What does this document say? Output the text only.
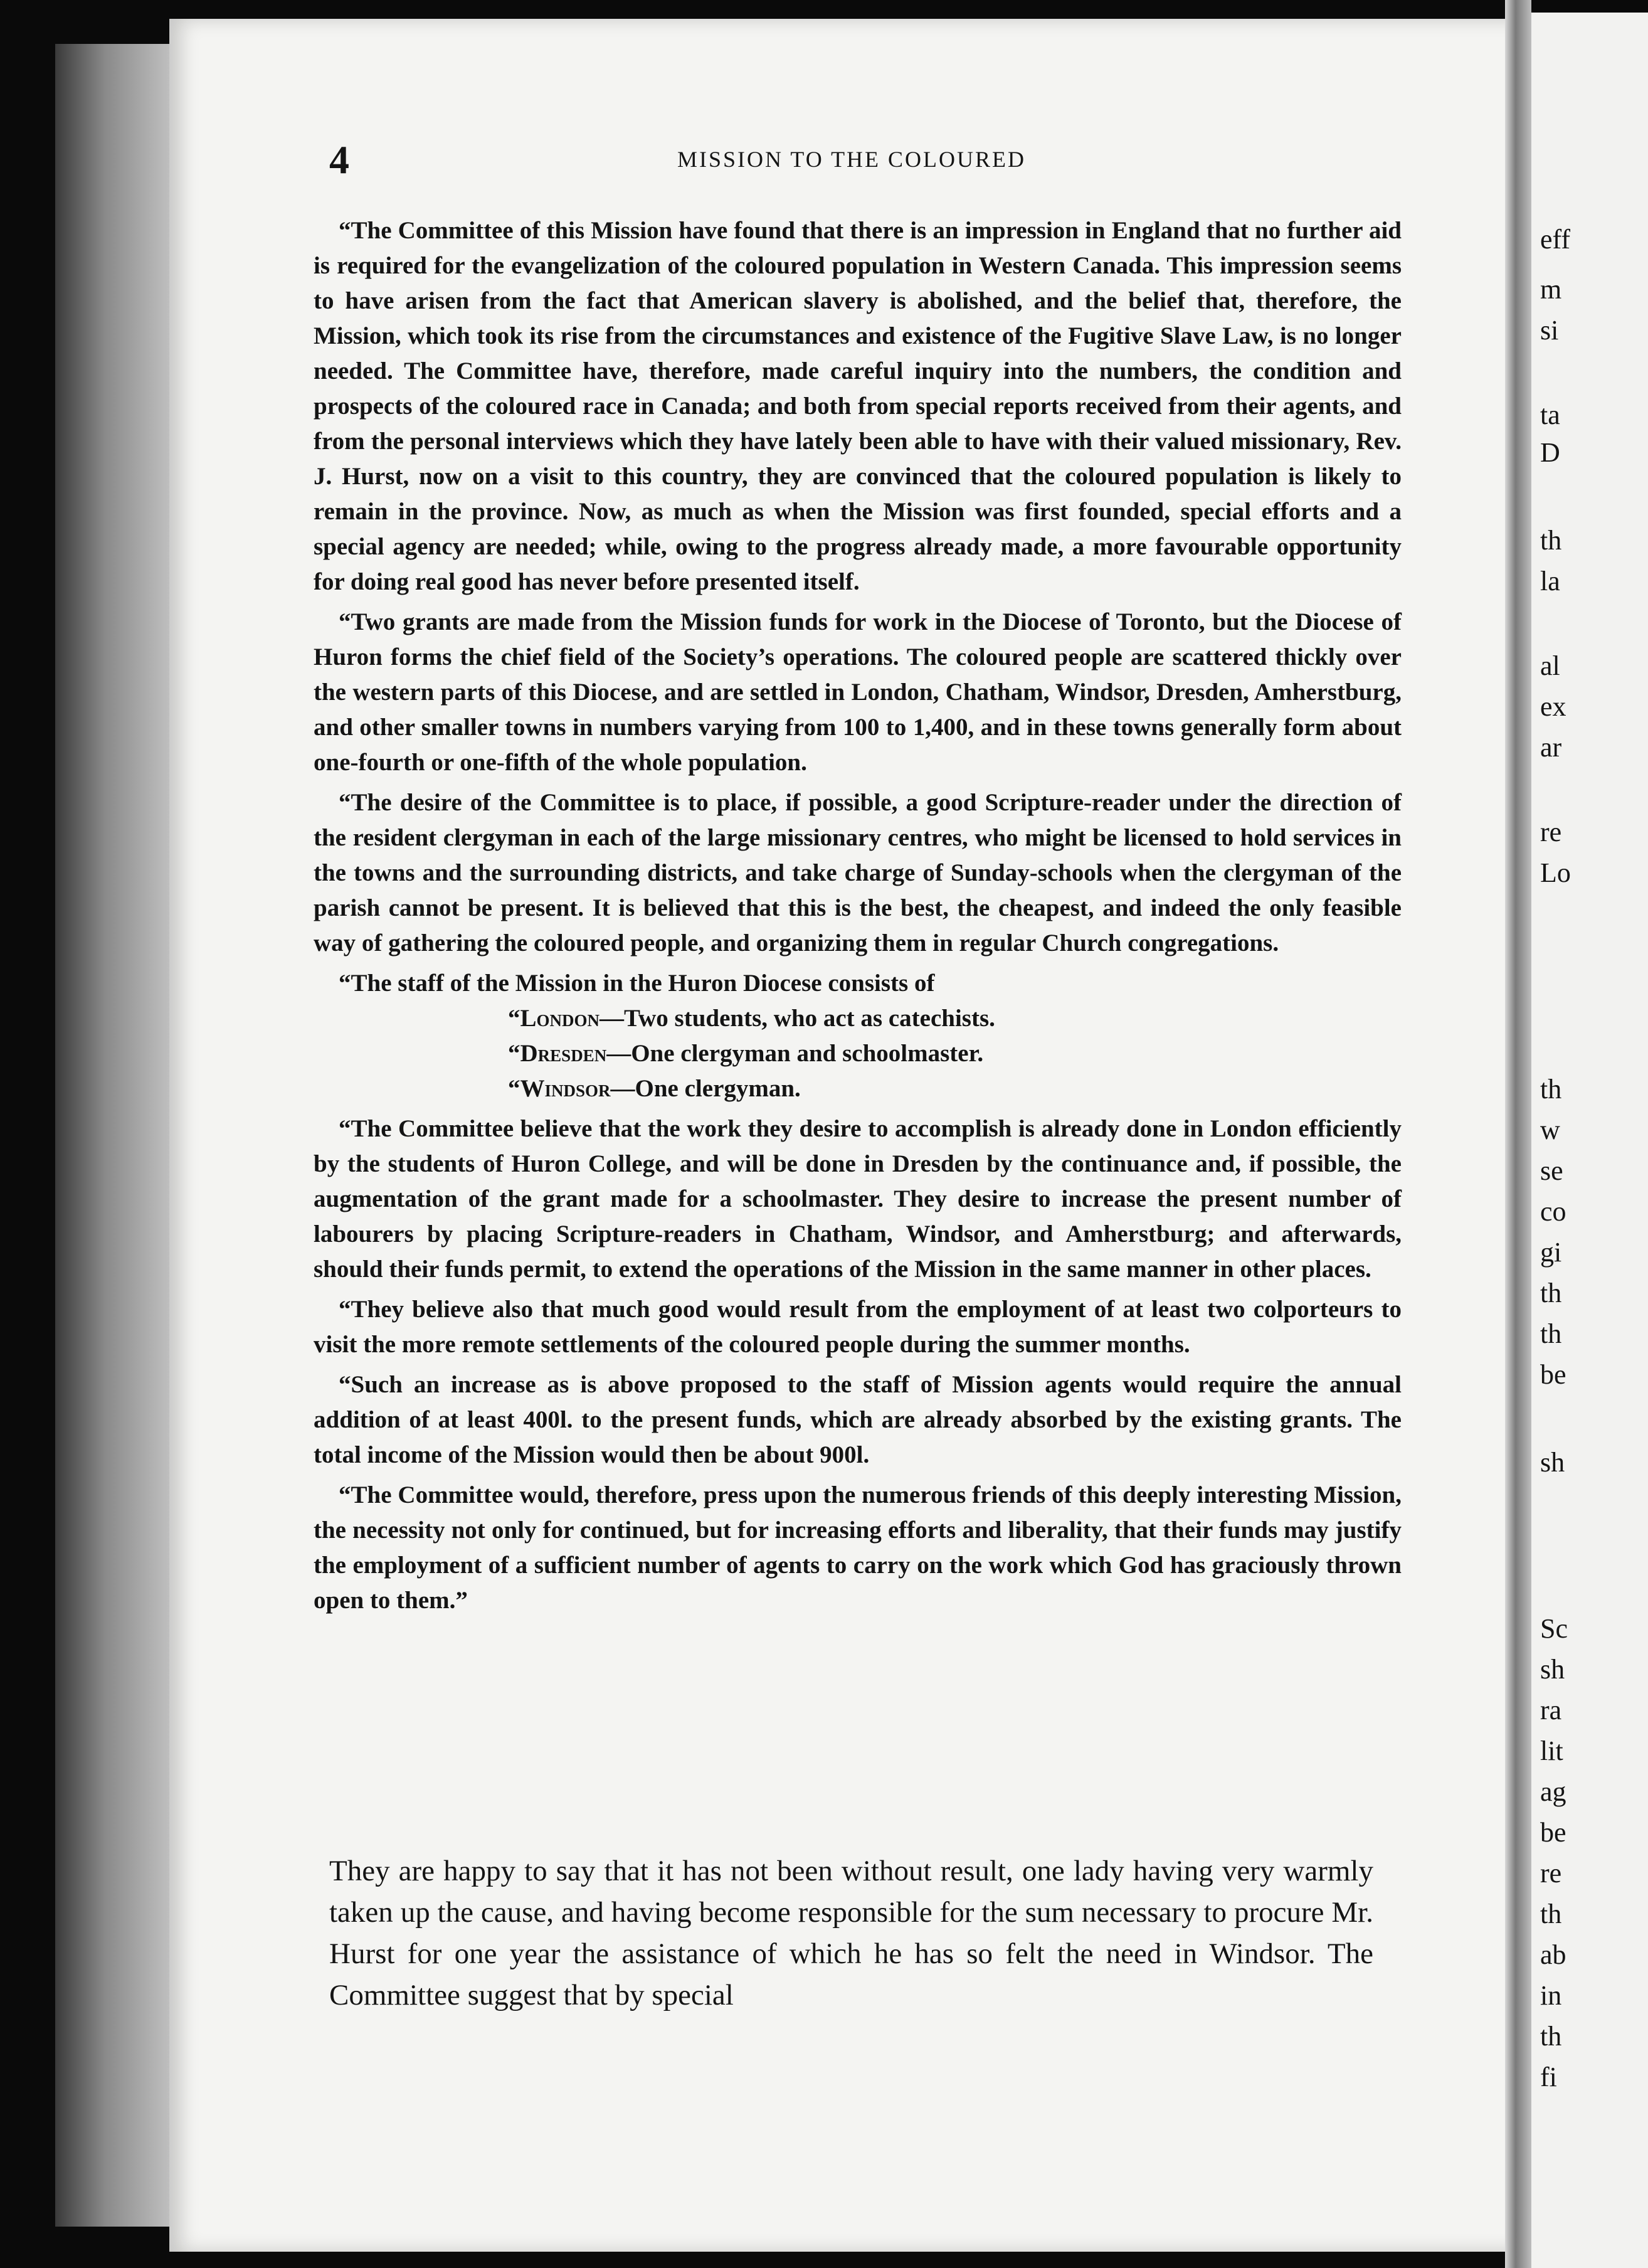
eff
m
si
ta
D
th
la
al
ex
ar
re
Lo
th
w
se
co
gi
th
th
be
sh
Sc
sh
ra
lit
ag
be
re
th
ab
in
th
fi
4	MISSION TO THE COLOURED

“The Committee of this Mission have found that there is an impression in England that no further aid is required for the evangelization of the coloured population in Western Canada. This impression seems to have arisen from the fact that American slavery is abolished, and the belief that, therefore, the Mission, which took its rise from the circumstances and existence of the Fugitive Slave Law, is no longer needed. The Committee have, therefore, made careful inquiry into the numbers, the condition and prospects of the coloured race in Canada; and both from special reports received from their agents, and from the personal interviews which they have lately been able to have with their valued missionary, Rev. J. Hurst, now on a visit to this country, they are convinced that the coloured population is likely to remain in the province. Now, as much as when the Mission was first founded, special efforts and a special agency are needed; while, owing to the progress already made, a more favourable opportunity for doing real good has never before presented itself.

“Two grants are made from the Mission funds for work in the Diocese of Toronto, but the Diocese of Huron forms the chief field of the Society’s operations. The coloured people are scattered thickly over the western parts of this Diocese, and are settled in London, Chatham, Windsor, Dresden, Amherstburg, and other smaller towns in numbers varying from 100 to 1,400, and in these towns generally form about one-fourth or one-fifth of the whole population.

“The desire of the Committee is to place, if possible, a good Scripture-reader under the direction of the resident clergyman in each of the large missionary centres, who might be licensed to hold services in the towns and the surrounding districts, and take charge of Sunday-schools when the clergyman of the parish cannot be present. It is believed that this is the best, the cheapest, and indeed the only feasible way of gathering the coloured people, and organizing them in regular Church congregations.

“The staff of the Mission in the Huron Diocese consists of

“London—Two students, who act as catechists.
“Dresden—One clergyman and schoolmaster.
“Windsor—One clergyman.

“The Committee believe that the work they desire to accomplish is already done in London efficiently by the students of Huron College, and will be done in Dresden by the continuance and, if possible, the augmentation of the grant made for a schoolmaster. They desire to increase the present number of labourers by placing Scripture-readers in Chatham, Windsor, and Amherstburg; and afterwards, should their funds permit, to extend the operations of the Mission in the same manner in other places.

“They believe also that much good would result from the employment of at least two colporteurs to visit the more remote settlements of the coloured people during the summer months.

“Such an increase as is above proposed to the staff of Mission agents would require the annual addition of at least 400l. to the present funds, which are already absorbed by the existing grants. The total income of the Mission would then be about 900l.

“The Committee would, therefore, press upon the numerous friends of this deeply interesting Mission, the necessity not only for continued, but for increasing efforts and liberality, that their funds may justify the employment of a sufficient number of agents to carry on the work which God has graciously thrown open to them.”

They are happy to say that it has not been without result, one lady having very warmly taken up the cause, and having become responsible for the sum necessary to procure Mr. Hurst for one year the assistance of which he has so felt the need in Windsor. The Committee suggest that by special
